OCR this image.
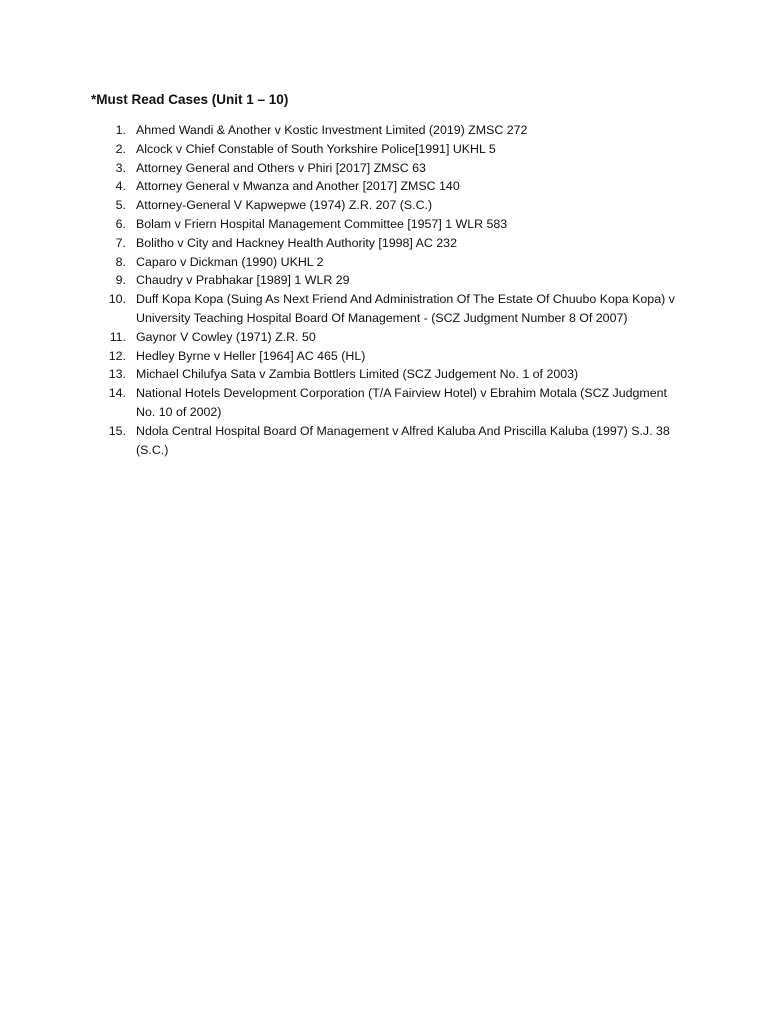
*Must Read Cases (Unit 1 – 10)
1. Ahmed Wandi & Another v Kostic Investment Limited (2019) ZMSC 272
2. Alcock v Chief Constable of South Yorkshire Police[1991] UKHL 5
3. Attorney General and Others v Phiri [2017] ZMSC 63
4. Attorney General v Mwanza and Another [2017] ZMSC 140
5. Attorney-General V Kapwepwe (1974) Z.R. 207 (S.C.)
6. Bolam v Friern Hospital Management Committee [1957] 1 WLR 583
7. Bolitho v City and Hackney Health Authority [1998] AC 232
8. Caparo v Dickman (1990) UKHL 2
9. Chaudry v Prabhakar [1989] 1 WLR 29
10. Duff Kopa Kopa (Suing As Next Friend And Administration Of The Estate Of Chuubo Kopa Kopa) v University Teaching Hospital Board Of Management - (SCZ Judgment Number 8 Of 2007)
11. Gaynor V Cowley (1971) Z.R. 50
12. Hedley Byrne v Heller [1964] AC 465 (HL)
13. Michael Chilufya Sata v Zambia Bottlers Limited (SCZ Judgement No. 1 of 2003)
14. National Hotels Development Corporation (T/A Fairview Hotel) v Ebrahim Motala (SCZ Judgment No. 10 of 2002)
15. Ndola Central Hospital Board Of Management v Alfred Kaluba And Priscilla Kaluba (1997) S.J. 38 (S.C.)
